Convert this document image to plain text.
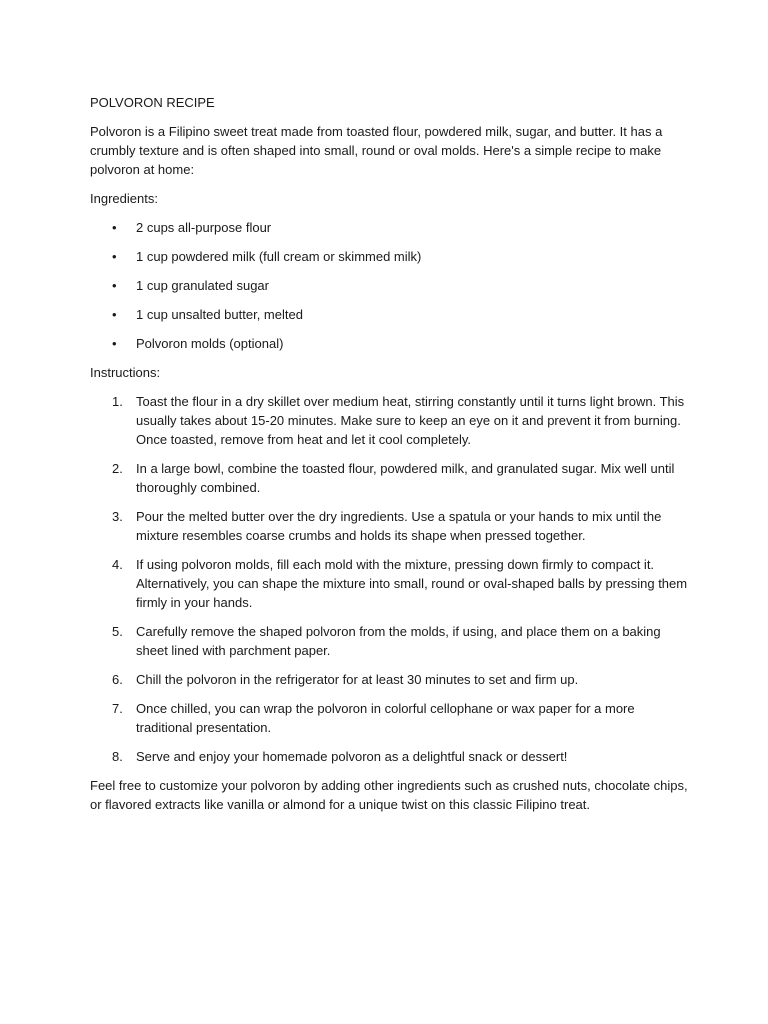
POLVORON RECIPE

Polvoron is a Filipino sweet treat made from toasted flour, powdered milk, sugar, and butter. It has a crumbly texture and is often shaped into small, round or oval molds. Here's a simple recipe to make polvoron at home:

Ingredients:

• 2 cups all-purpose flour
• 1 cup powdered milk (full cream or skimmed milk)
• 1 cup granulated sugar
• 1 cup unsalted butter, melted
• Polvoron molds (optional)

Instructions:

1. Toast the flour in a dry skillet over medium heat, stirring constantly until it turns light brown. This usually takes about 15-20 minutes. Make sure to keep an eye on it and prevent it from burning. Once toasted, remove from heat and let it cool completely.
2. In a large bowl, combine the toasted flour, powdered milk, and granulated sugar. Mix well until thoroughly combined.
3. Pour the melted butter over the dry ingredients. Use a spatula or your hands to mix until the mixture resembles coarse crumbs and holds its shape when pressed together.
4. If using polvoron molds, fill each mold with the mixture, pressing down firmly to compact it. Alternatively, you can shape the mixture into small, round or oval-shaped balls by pressing them firmly in your hands.
5. Carefully remove the shaped polvoron from the molds, if using, and place them on a baking sheet lined with parchment paper.
6. Chill the polvoron in the refrigerator for at least 30 minutes to set and firm up.
7. Once chilled, you can wrap the polvoron in colorful cellophane or wax paper for a more traditional presentation.
8. Serve and enjoy your homemade polvoron as a delightful snack or dessert!

Feel free to customize your polvoron by adding other ingredients such as crushed nuts, chocolate chips, or flavored extracts like vanilla or almond for a unique twist on this classic Filipino treat.
